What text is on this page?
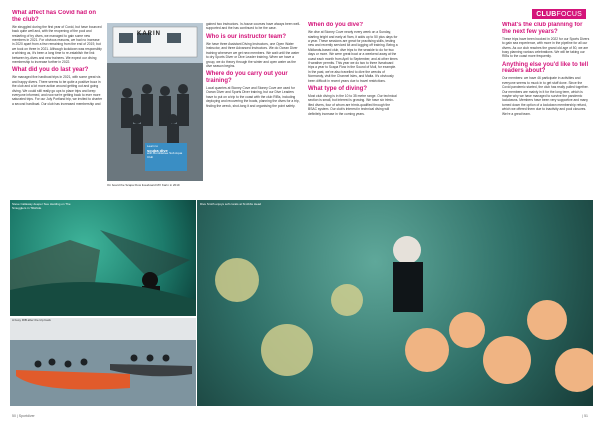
CLUBFOCUS
What affect has Covid had on the club?

We struggled during the first year of Covid, but have bounced back quite well and, with the reopening of the pool and restarting of try dives, we managed to gain some new members in 2021. For obvious reasons, we had no increase in 2020 apart from a few remaining from the end of 2019, but we took on three in 2021. Although lockdown was responsibly a whining us, it's been a long time to re-establish the link between try-dives and new trainees. We expect our diving membership to increase further in 2022.

What did you do last year?

We managed five hardboat trips in 2021, with some great vis and happy divers. There seems to be quite a positive buzz in the club and a lot more action around getting out and going diving. We could still really go ups to place trips and keep everyone informed, and now we're getting back to ever more saturated trips. For our July Portland trip, we invited to charter a second hardboat. Our club has increased membership and

KARIN
Learn to
scuba dive
with Bumblebee Sub Aqua Club
On board the Scapa Flow liveaboard MV Karin in 2019

gained two instructors. In-house courses have always been well-supported and the has continued to be the case.

Who is our instructor team?

We have three Assistant Diving Instructors, one Open Water Instructor, and three Advanced Instructors. We do Ocean Diver training whenever we get new members. We wait until the water to dry Sports Diver or Dive Leader training. When we have a group, we do theory through the winter and open water as the dive season begins.

Where do you carry out your training?

Local quarries at Stoney Cove and Stoney Cove are used for Ocean Diver and Sports Diver training, but our Dive Leaders have to put on a trip to the coast with the club RIBs, including deploying and recovering the boats, planning the dives for a trip, finding the wreck, shot-tong it and organising the point safety.

When do you dive?

We dive at Stoney Cove nearly every week on a Sunday, starting bright and early at 9am, it adds up to 50 plus days for a year. These sessions are great for practising skills, testing new and recently serviced kit and logging off training. Being a Midlands-based club, dive trips to the seaside to do for two days or more. We were great boat or a weekend away at the coast each month from April to September, and at other times if weather permits. This year we do two to three liveaboard trips a year to Scapa Flow in the Sound of Mull, for example. In the past, we've also travelled to dive the wrecks of Normandy, visit the Channel Isles, and Malta. It's obviously been difficult in recent years due to travel restrictions.

What type of diving?

Most club diving is in the 10 to 35 metre range. Our technical section is small, but interest is growing. We have six trimix-ified divers, four of whom are trimix-qualified through the BSAC system. Our club's interest in technical diving will definitely increase in the coming years.

What's the club planning for the next few years?

These trips have been booked in 2022 for our Sports Divers to gain sea experience, with more in the pipeline for all our divers. As our club reaches the grand old age of 50, we are busy planning various celebrations. We will be taking our RIBs to the coast more frequently.

Anything else you'd like to tell readers about?

Our members: we have 46 participate in activities and everyone seems to muck in to get stuff done. Since the Covid pandemic started, the club has really pulled together. Our members are mainly in it for the long term, which is maybe why we have managed to survive the pandemic lockdowns. Members have been very supportive and many turned down the option of a lockdown membership refund, which we offered them due to inactivity and pool closures. We're a great team.

Steve Callaway deeper Sue Harding on The Smugglers in Tiltshide
A busy RIB after the trip back
Dive Smith enjoys soft corals at St Abbs Head
50 | Sportdiver	| 51
